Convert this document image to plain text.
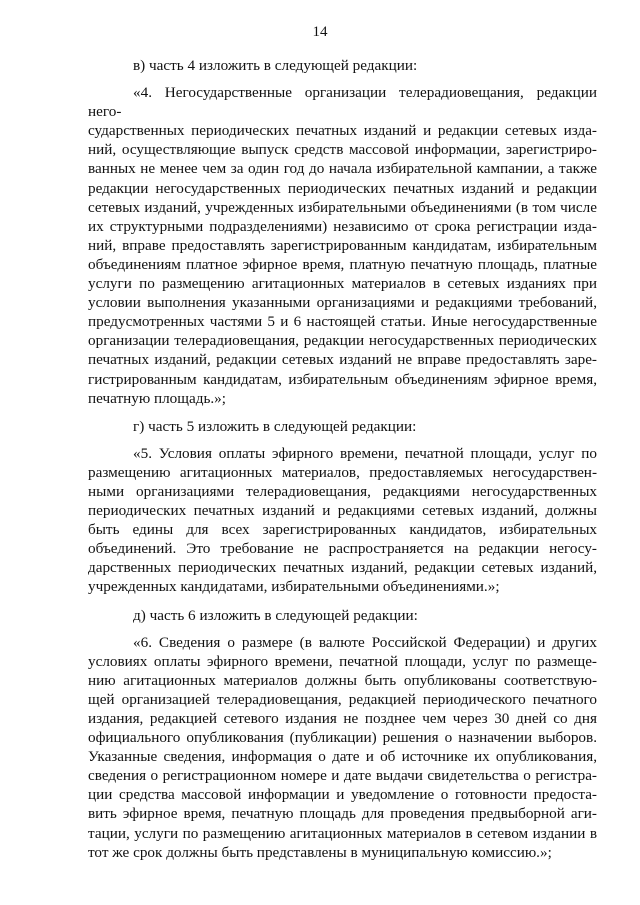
14
в) часть 4 изложить в следующей редакции:
«4. Негосударственные организации телерадиовещания, редакции него-
сударственных периодических печатных изданий и редакции сетевых изда-
ний, осуществляющие выпуск средств массовой информации, зарегистриро-
ванных не менее чем за один год до начала избирательной кампании, а также
редакции негосударственных периодических печатных изданий и редакции
сетевых изданий, учрежденных избирательными объединениями (в том числе
их структурными подразделениями) независимо от срока регистрации изда-
ний, вправе предоставлять зарегистрированным кандидатам, избирательным
объединениям платное эфирное время, платную печатную площадь, платные
услуги по размещению агитационных материалов в сетевых изданиях при
условии выполнения указанными организациями и редакциями требований,
предусмотренных частями 5 и 6 настоящей статьи. Иные негосударственные
организации телерадиовещания, редакции негосударственных периодических
печатных изданий, редакции сетевых изданий не вправе предоставлять заре-
гистрированным кандидатам, избирательным объединениям эфирное время,
печатную площадь.»;
г) часть 5 изложить в следующей редакции:
«5. Условия оплаты эфирного времени, печатной площади, услуг по
размещению агитационных материалов, предоставляемых негосударствен-
ными организациями телерадиовещания, редакциями негосударственных
периодических печатных изданий и редакциями сетевых изданий, должны
быть едины для всех зарегистрированных кандидатов, избирательных
объединений. Это требование не распространяется на редакции негосу-
дарственных периодических печатных изданий, редакции сетевых изданий,
учрежденных кандидатами, избирательными объединениями.»;
д) часть 6 изложить в следующей редакции:
«6. Сведения о размере (в валюте Российской Федерации) и других
условиях оплаты эфирного времени, печатной площади, услуг по размеще-
нию агитационных материалов должны быть опубликованы соответствую-
щей организацией телерадиовещания, редакцией периодического печатного
издания, редакцией сетевого издания не позднее чем через 30 дней со дня
официального опубликования (публикации) решения о назначении выборов.
Указанные сведения, информация о дате и об источнике их опубликования,
сведения о регистрационном номере и дате выдачи свидетельства о регистра-
ции средства массовой информации и уведомление о готовности предоста-
вить эфирное время, печатную площадь для проведения предвыборной аги-
тации, услуги по размещению агитационных материалов в сетевом издании в
тот же срок должны быть представлены в муниципальную комиссию.»;
